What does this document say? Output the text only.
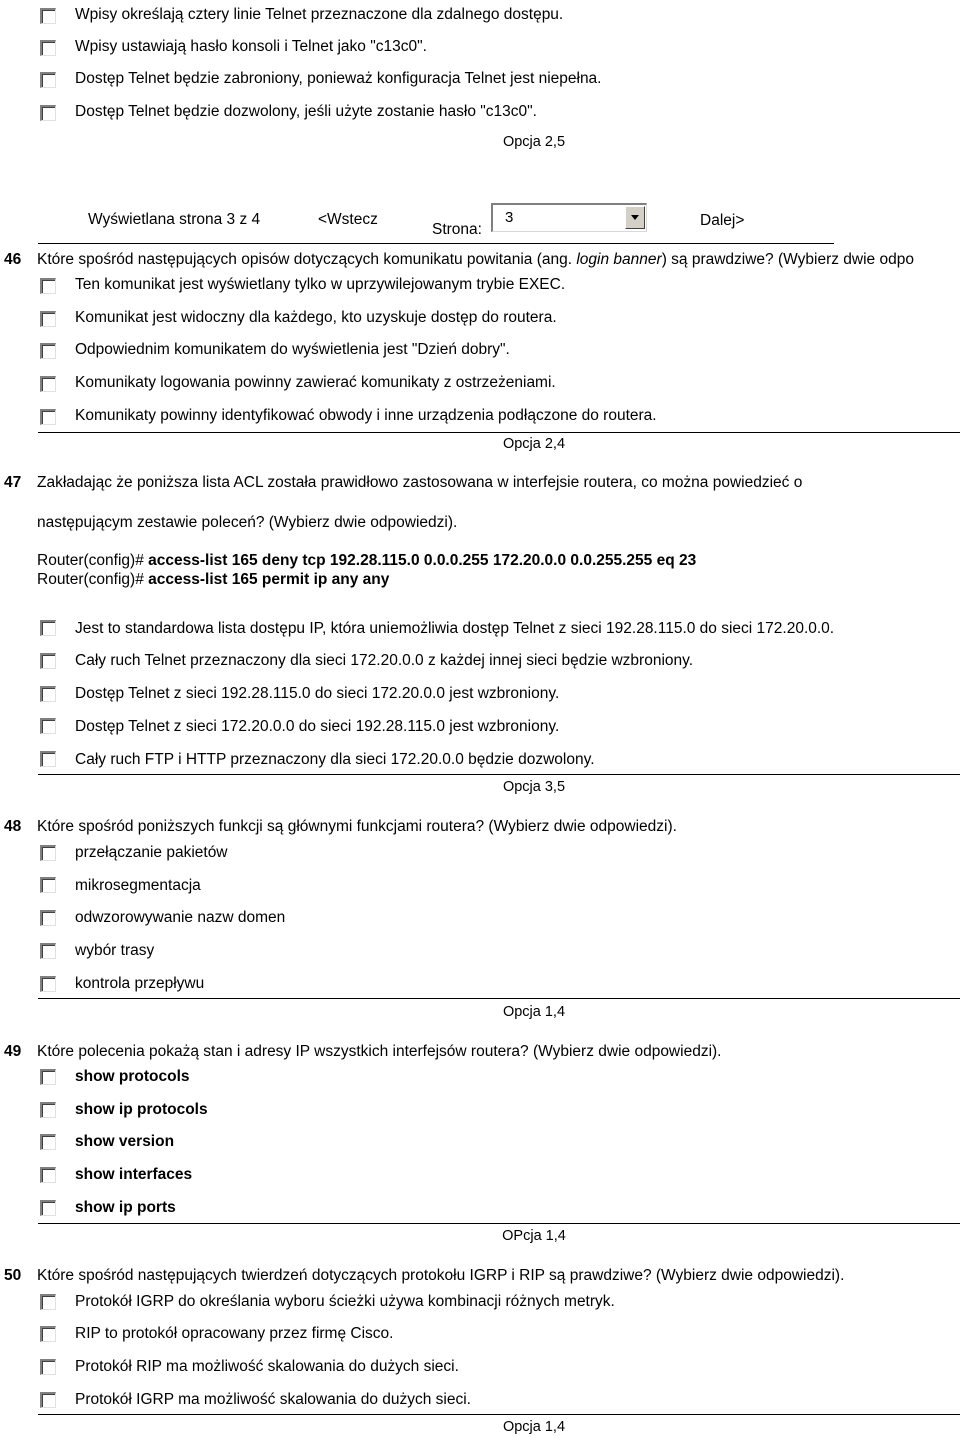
Wpisy określają cztery linie Telnet przeznaczone dla zdalnego dostępu.
Wpisy ustawiają hasło konsoli i Telnet jako "c13c0".
Dostęp Telnet będzie zabroniony, ponieważ konfiguracja Telnet jest niepełna.
Dostęp Telnet będzie dozwolony, jeśli użyte zostanie hasło "c13c0".
Opcja 2,5
Wyświetlana strona 3 z 4	<Wstecz
Strona:
3	Dalej>
46 Które spośród następujących opisów dotyczących komunikatu powitania (ang. login banner) są prawdziwe? (Wybierz dwie odpo
Ten komunikat jest wyświetlany tylko w uprzywilejowanym trybie EXEC.
Komunikat jest widoczny dla każdego, kto uzyskuje dostęp do routera.
Odpowiednim komunikatem do wyświetlenia jest "Dzień dobry".
Komunikaty logowania powinny zawierać komunikaty z ostrzeżeniami.
Komunikaty powinny identyfikować obwody i inne urządzenia podłączone do routera.
Opcja 2,4
47 Zakładając że poniższa lista ACL została prawidłowo zastosowana w interfejsie routera, co można powiedzieć o
następującym zestawie poleceń? (Wybierz dwie odpowiedzi).
Router(config)# access-list 165 deny tcp 192.28.115.0 0.0.0.255 172.20.0.0 0.0.255.255 eq 23
Router(config)# access-list 165 permit ip any any
Jest to standardowa lista dostępu IP, która uniemożliwia dostęp Telnet z sieci 192.28.115.0 do sieci 172.20.0.0.
Cały ruch Telnet przeznaczony dla sieci 172.20.0.0 z każdej innej sieci będzie wzbroniony.
Dostęp Telnet z sieci 192.28.115.0 do sieci 172.20.0.0 jest wzbroniony.
Dostęp Telnet z sieci 172.20.0.0 do sieci 192.28.115.0 jest wzbroniony.
Cały ruch FTP i HTTP przeznaczony dla sieci 172.20.0.0 będzie dozwolony.
Opcja 3,5
48 Które spośród poniższych funkcji są głównymi funkcjami routera? (Wybierz dwie odpowiedzi).
przełączanie pakietów
mikrosegmentacja
odwzorowywanie nazw domen
wybór trasy
kontrola przepływu
Opcja 1,4
49 Które polecenia pokażą stan i adresy IP wszystkich interfejsów routera? (Wybierz dwie odpowiedzi).
show protocols
show ip protocols
show version
show interfaces
show ip ports
OPcja 1,4
50 Które spośród następujących twierdzeń dotyczących protokołu IGRP i RIP są prawdziwe? (Wybierz dwie odpowiedzi).
Protokół IGRP do określania wyboru ścieżki używa kombinacji różnych metryk.
RIP to protokół opracowany przez firmę Cisco.
Protokół RIP ma możliwość skalowania do dużych sieci.
Protokół IGRP ma możliwość skalowania do dużych sieci.
Opcja 1,4
